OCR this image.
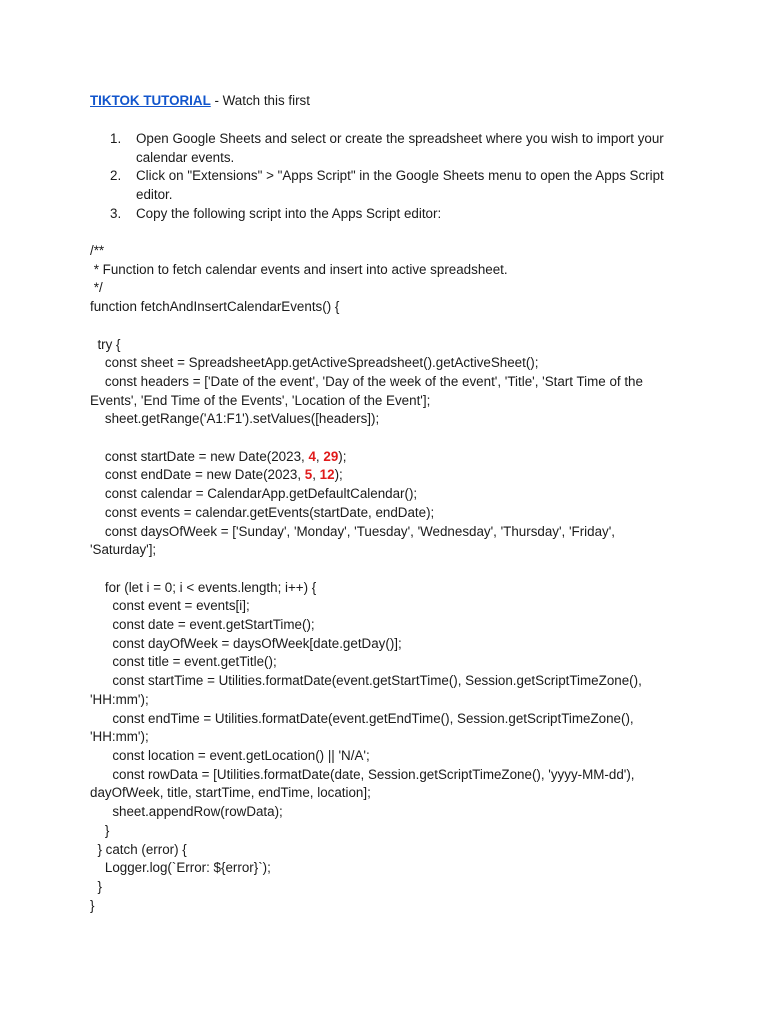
TIKTOK TUTORIAL - Watch this first
1. Open Google Sheets and select or create the spreadsheet where you wish to import your calendar events.
2. Click on "Extensions" > "Apps Script" in the Google Sheets menu to open the Apps Script editor.
3. Copy the following script into the Apps Script editor:
/**
* Function to fetch calendar events and insert into active spreadsheet.
*/
function fetchAndInsertCalendarEvents() {

try {
const sheet = SpreadsheetApp.getActiveSpreadsheet().getActiveSheet();
const headers = ['Date of the event', 'Day of the week of the event', 'Title', 'Start Time of the Events', 'End Time of the Events', 'Location of the Event'];
sheet.getRange('A1:F1').setValues([headers]);

const startDate = new Date(2023, 4, 29);
const endDate = new Date(2023, 5, 12);
const calendar = CalendarApp.getDefaultCalendar();
const events = calendar.getEvents(startDate, endDate);
const daysOfWeek = ['Sunday', 'Monday', 'Tuesday', 'Wednesday', 'Thursday', 'Friday', 'Saturday'];

for (let i = 0; i < events.length; i++) {
const event = events[i];
const date = event.getStartTime();
const dayOfWeek = daysOfWeek[date.getDay()];
const title = event.getTitle();
const startTime = Utilities.formatDate(event.getStartTime(), Session.getScriptTimeZone(), 'HH:mm');
const endTime = Utilities.formatDate(event.getEndTime(), Session.getScriptTimeZone(), 'HH:mm');
const location = event.getLocation() || 'N/A';
const rowData = [Utilities.formatDate(date, Session.getScriptTimeZone(), 'yyyy-MM-dd'), dayOfWeek, title, startTime, endTime, location];
sheet.appendRow(rowData);
}
} catch (error) {
Logger.log(`Error: ${error}`);
}
}
